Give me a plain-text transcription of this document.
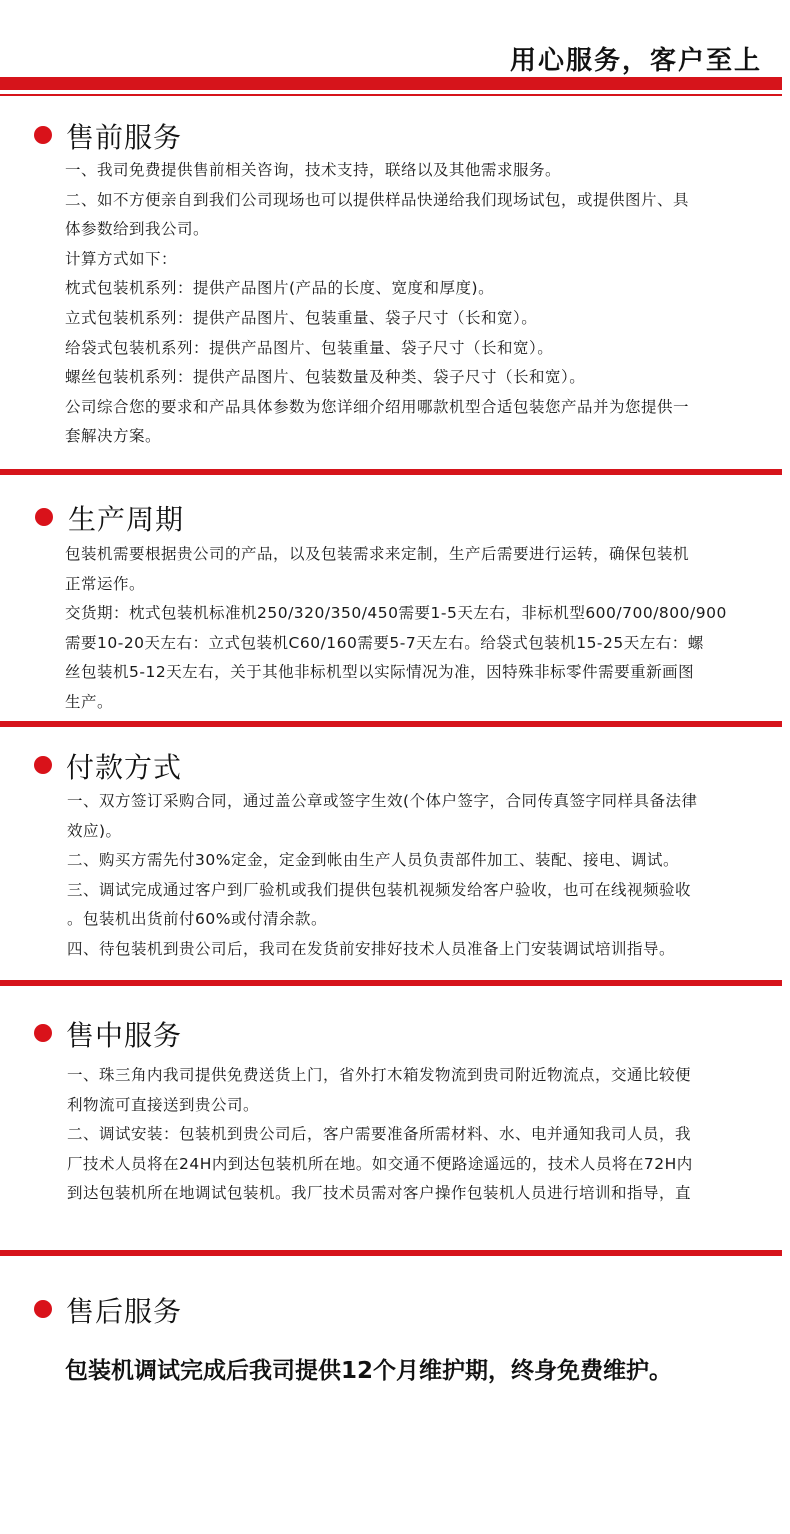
用心服务，客户至上
售前服务
一、我司免费提供售前相关咨询，技术支持，联络以及其他需求服务。
二、如不方便亲自到我们公司现场也可以提供样品快递给我们现场试包，或提供图片、具
体参数给到我公司。
计算方式如下：
枕式包装机系列：提供产品图片(产品的长度、宽度和厚度)。
立式包装机系列：提供产品图片、包装重量、袋子尺寸（长和宽）。
给袋式包装机系列：提供产品图片、包装重量、袋子尺寸（长和宽）。
螺丝包装机系列：提供产品图片、包装数量及种类、袋子尺寸（长和宽）。
公司综合您的要求和产品具体参数为您详细介绍用哪款机型合适包装您产品并为您提供一
套解决方案。
生产周期
包装机需要根据贵公司的产品，以及包装需求来定制，生产后需要进行运转，确保包装机
正常运作。
交货期：枕式包装机标准机250/320/350/450需要1-5天左右，非标机型600/700/800/900
需要10-20天左右：立式包装机C60/160需要5-7天左右。给袋式包装机15-25天左右：螺
丝包装机5-12天左右，关于其他非标机型以实际情况为准，因特殊非标零件需要重新画图
生产。
付款方式
一、双方签订采购合同，通过盖公章或签字生效(个体户签字，合同传真签字同样具备法律
效应)。
二、购买方需先付30%定金，定金到帐由生产人员负责部件加工、装配、接电、调试。
三、调试完成通过客户到厂验机或我们提供包装机视频发给客户验收，也可在线视频验收
。包装机出货前付60%或付清余款。
四、待包装机到贵公司后，我司在发货前安排好技术人员准备上门安装调试培训指导。
售中服务
一、珠三角内我司提供免费送货上门，省外打木箱发物流到贵司附近物流点，交通比较便
利物流可直接送到贵公司。
二、调试安装：包装机到贵公司后，客户需要准备所需材料、水、电并通知我司人员，我
厂技术人员将在24H内到达包装机所在地。如交通不便路途遥远的，技术人员将在72H内
到达包装机所在地调试包装机。我厂技术员需对客户操作包装机人员进行培训和指导，直
售后服务
包装机调试完成后我司提供12个月维护期，终身免费维护。
